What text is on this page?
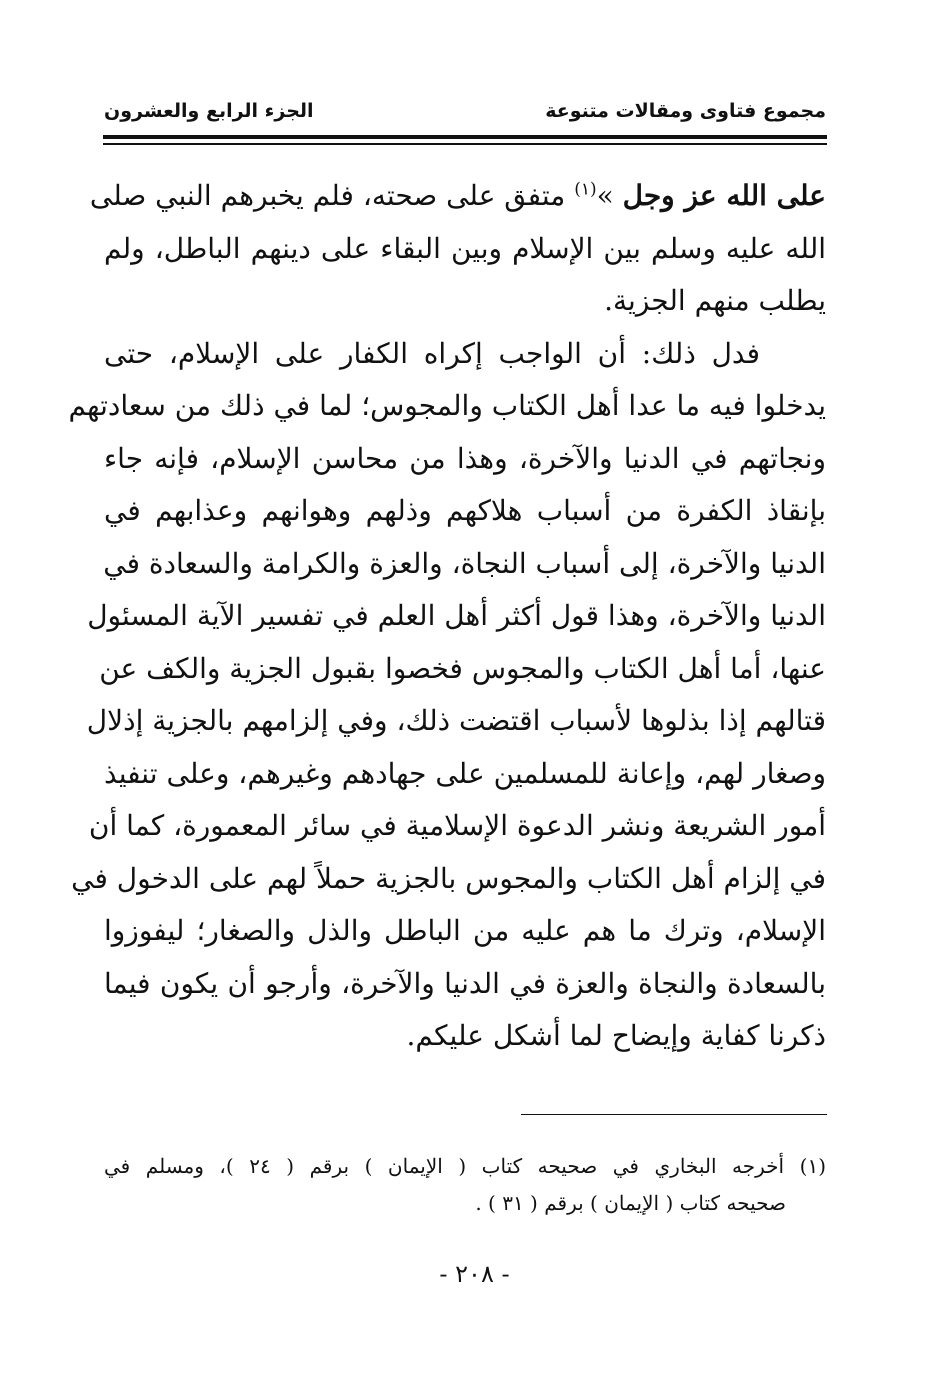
مجموع فتاوى ومقالات متنوعة
الجزء الرابع والعشرون
على الله عز وجل »$^{(١)}$ متفق على صحته، فلم يخبرهم النبي صلى
الله عليه وسلم بين الإسلام وبين البقاء على دينهم الباطل، ولم
يطلب منهم الجزية.
فدل ذلك: أن الواجب إكراه الكفار على الإسلام، حتى
يدخلوا فيه ما عدا أهل الكتاب والمجوس؛ لما في ذلك من سعادتهم
ونجاتهم في الدنيا والآخرة، وهذا من محاسن الإسلام، فإنه جاء
بإنقاذ الكفرة من أسباب هلاكهم وذلهم وهوانهم وعذابهم في
الدنيا والآخرة، إلى أسباب النجاة، والعزة والكرامة والسعادة في
الدنيا والآخرة، وهذا قول أكثر أهل العلم في تفسير الآية المسئول
عنها، أما أهل الكتاب والمجوس فخصوا بقبول الجزية والكف عن
قتالهم إذا بذلوها لأسباب اقتضت ذلك، وفي إلزامهم بالجزية إذلال
وصغار لهم، وإعانة للمسلمين على جهادهم وغيرهم، وعلى تنفيذ
أمور الشريعة ونشر الدعوة الإسلامية في سائر المعمورة، كما أن
في إلزام أهل الكتاب والمجوس بالجزية حملاً لهم على الدخول في
الإسلام، وترك ما هم عليه من الباطل والذل والصغار؛ ليفوزوا
بالسعادة والنجاة والعزة في الدنيا والآخرة، وأرجو أن يكون فيما
ذكرنا كفاية وإيضاح لما أشكل عليكم.
(١) أخرجه البخاري في صحيحه كتاب ( الإيمان ) برقم ( ٢٤ )، ومسلم في
صحيحه كتاب ( الإيمان ) برقم ( ٣١ ) .
- ٢٠٨ -
